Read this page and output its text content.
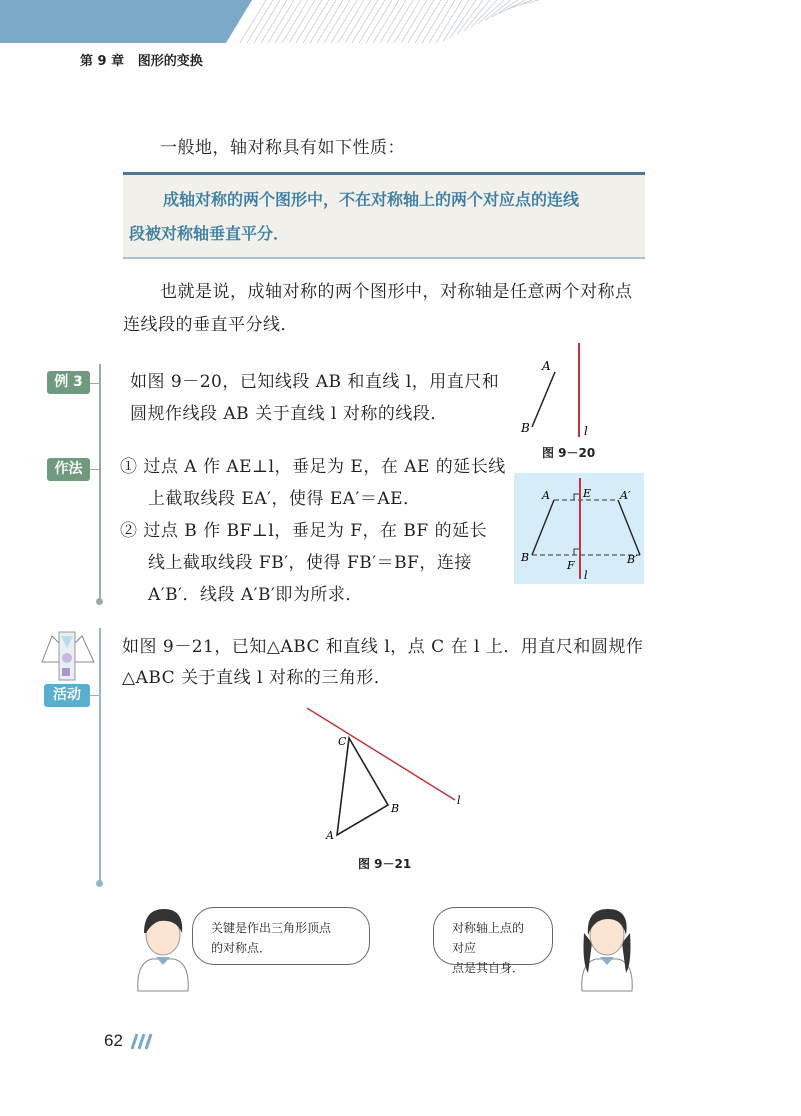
第 9 章 图形的变换
一般地，轴对称具有如下性质：
成轴对称的两个图形中，不在对称轴上的两个对应点的连线
段被对称轴垂直平分．
也就是说，成轴对称的两个图形中，对称轴是任意两个对称点
连线段的垂直平分线．
例 3	如图 9－20，已知线段 AB 和直线 l，用直尺和
圆规作线段 AB 关于直线 l 对称的线段．
作法	① 过点 A 作 AE⊥l，垂足为 E，在 AE 的延长线
上截取线段 EA′，使得 EA′＝AE．
② 过点 B 作 BF⊥l，垂足为 F，在 BF 的延长
线上截取线段 FB′，使得 FB′＝BF，连接
A′B′．线段 A′B′即为所求．
A
B	l
图 9－20
A	E	A′
B
F	B′
l
活动
如图 9－21，已知△ABC 和直线 l，点 C 在 l 上．用直尺和圆规作
△ABC 关于直线 l 对称的三角形．
C
B
A
l
图 9－21
关键是作出三角形顶点
的对称点．
对称轴上点的对应
点是其自身．
62
